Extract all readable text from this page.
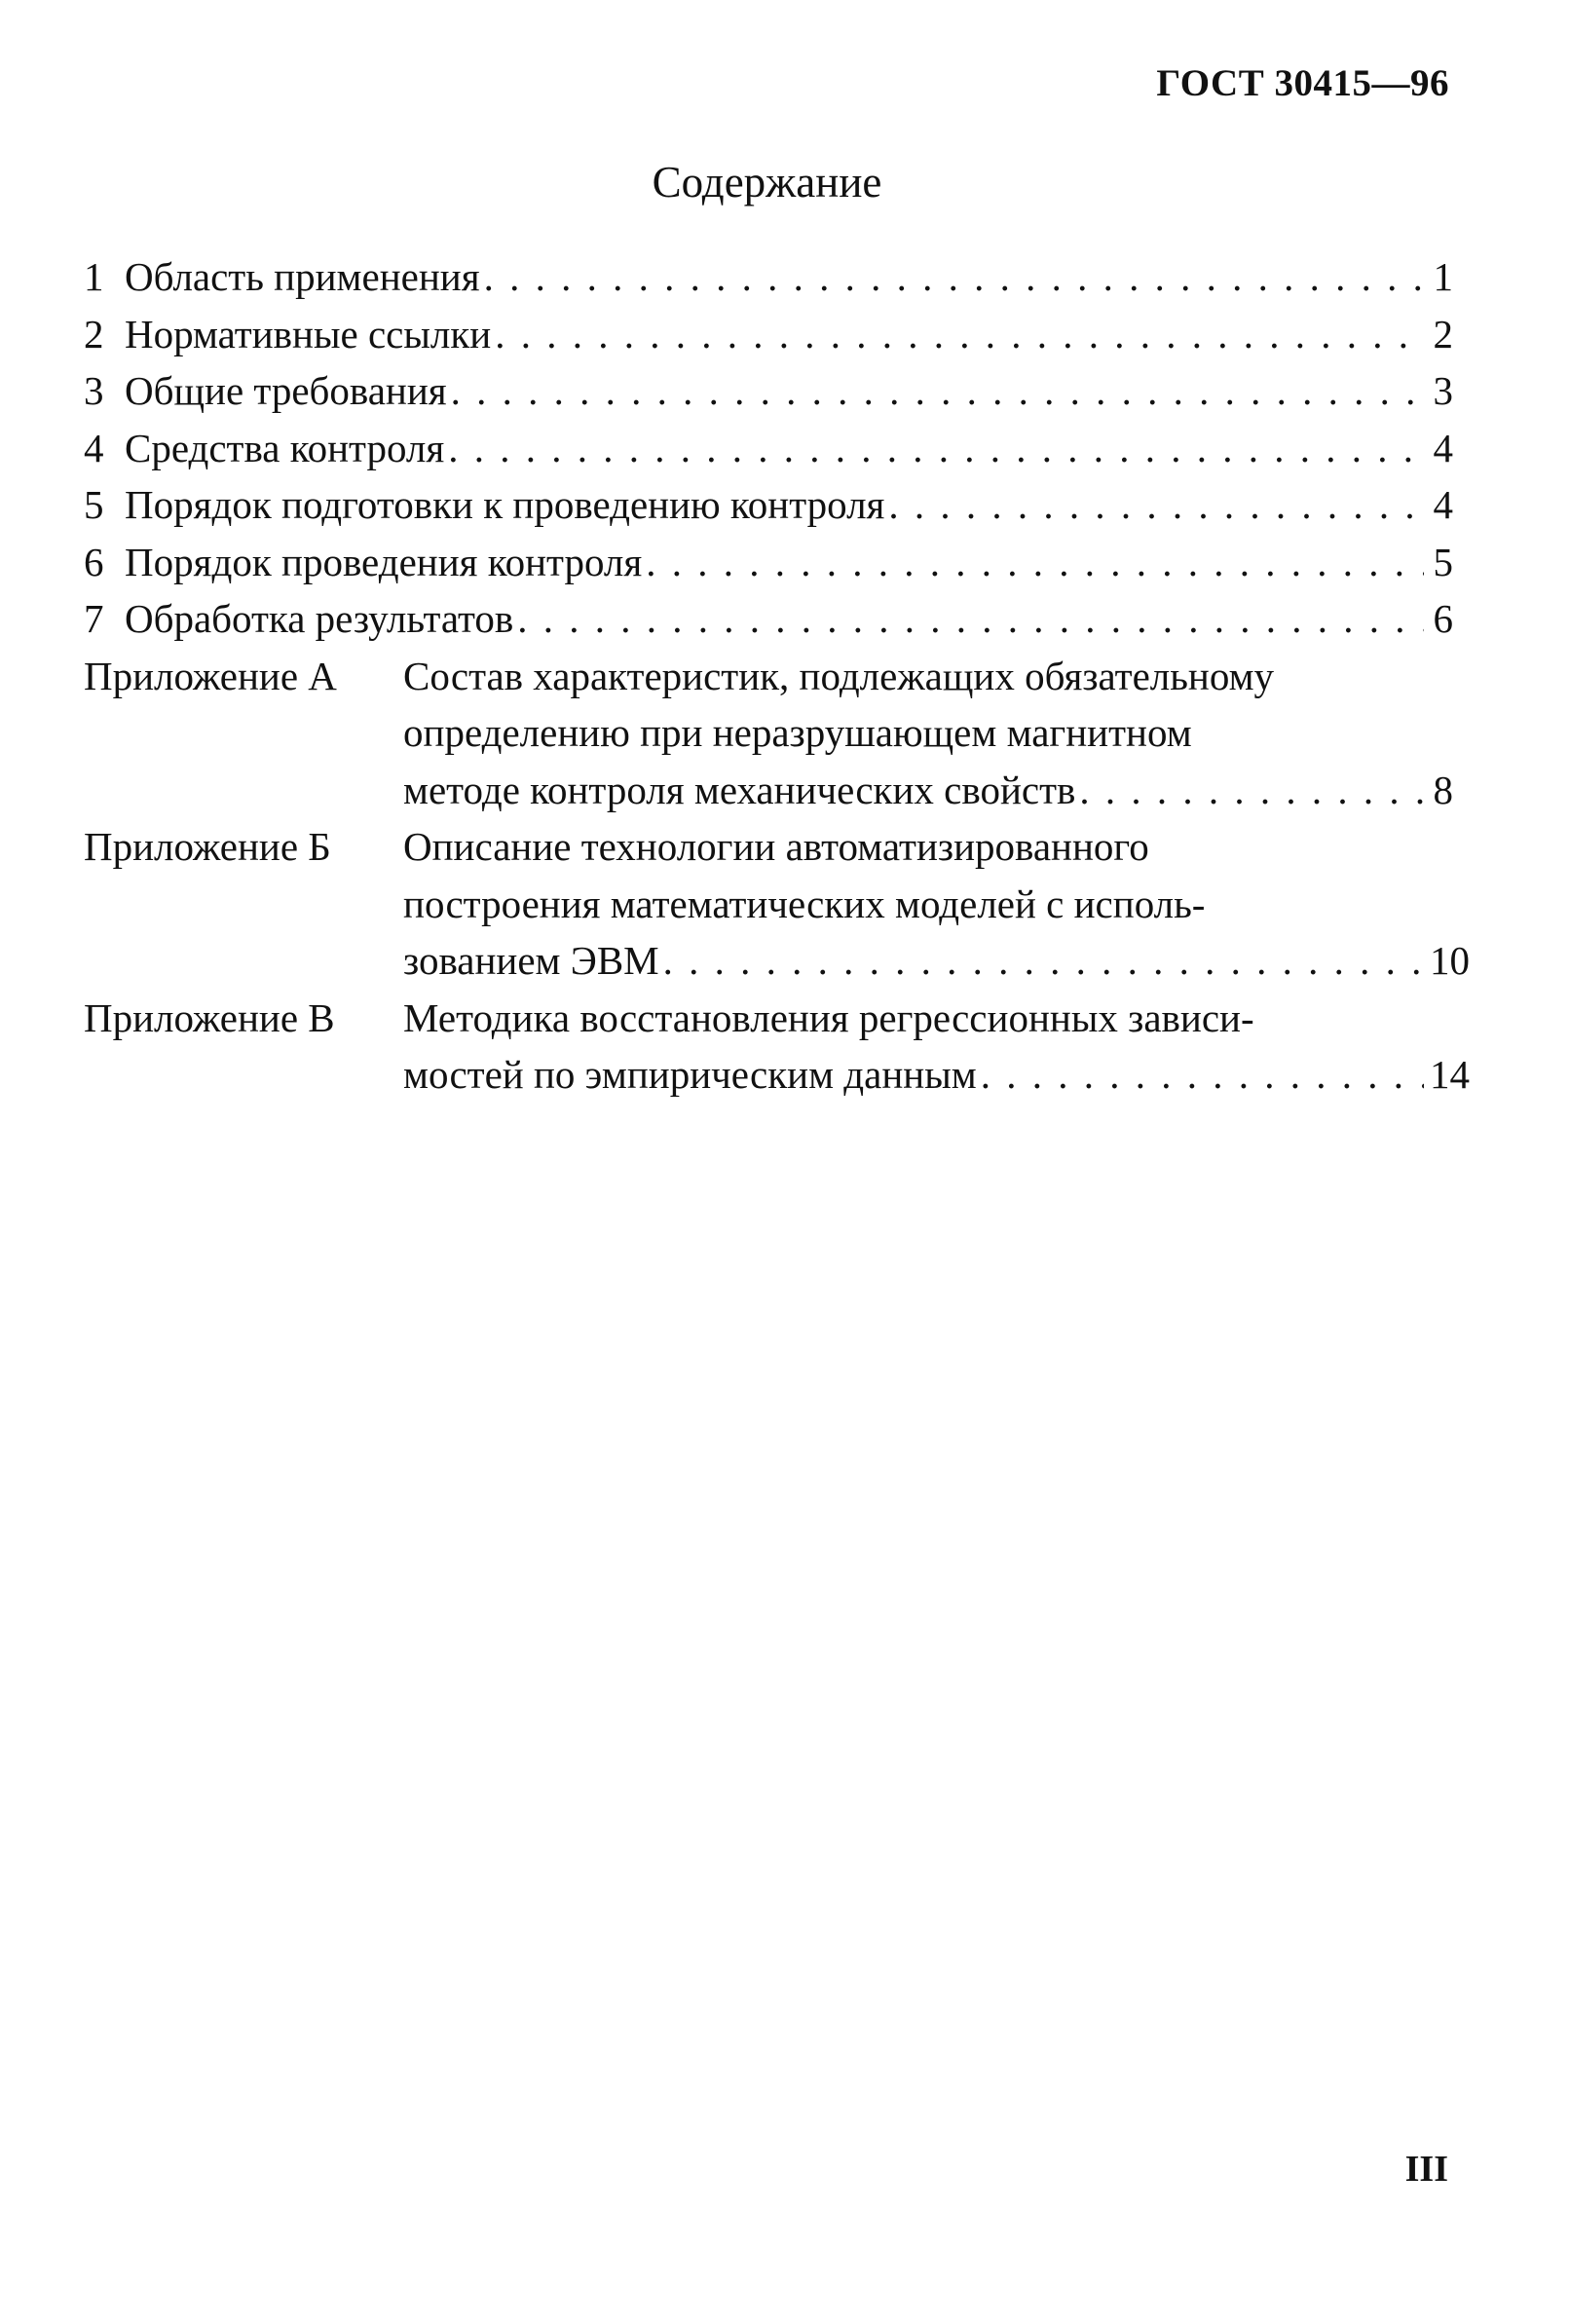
ГОСТ 30415—96
Содержание
1 Область применения . . .	1
2 Нормативные ссылки . . .	2
3 Общие требования . . .	3
4 Средства контроля . . .	4
5 Порядок подготовки к проведению контроля . . .	4
6 Порядок проведения контроля . . .	5
7 Обработка результатов . . .	6
Приложение А Состав характеристик, подлежащих обязательному
определению при неразрушающем магнитном
методе контроля механических свойств . . .	8
Приложение Б Описание технологии автоматизированного
построения математических моделей с исполь-
зованием ЭВМ . . .	10
Приложение В Методика восстановления регрессионных зависи-
мостей по эмпирическим данным . . .	14
III
